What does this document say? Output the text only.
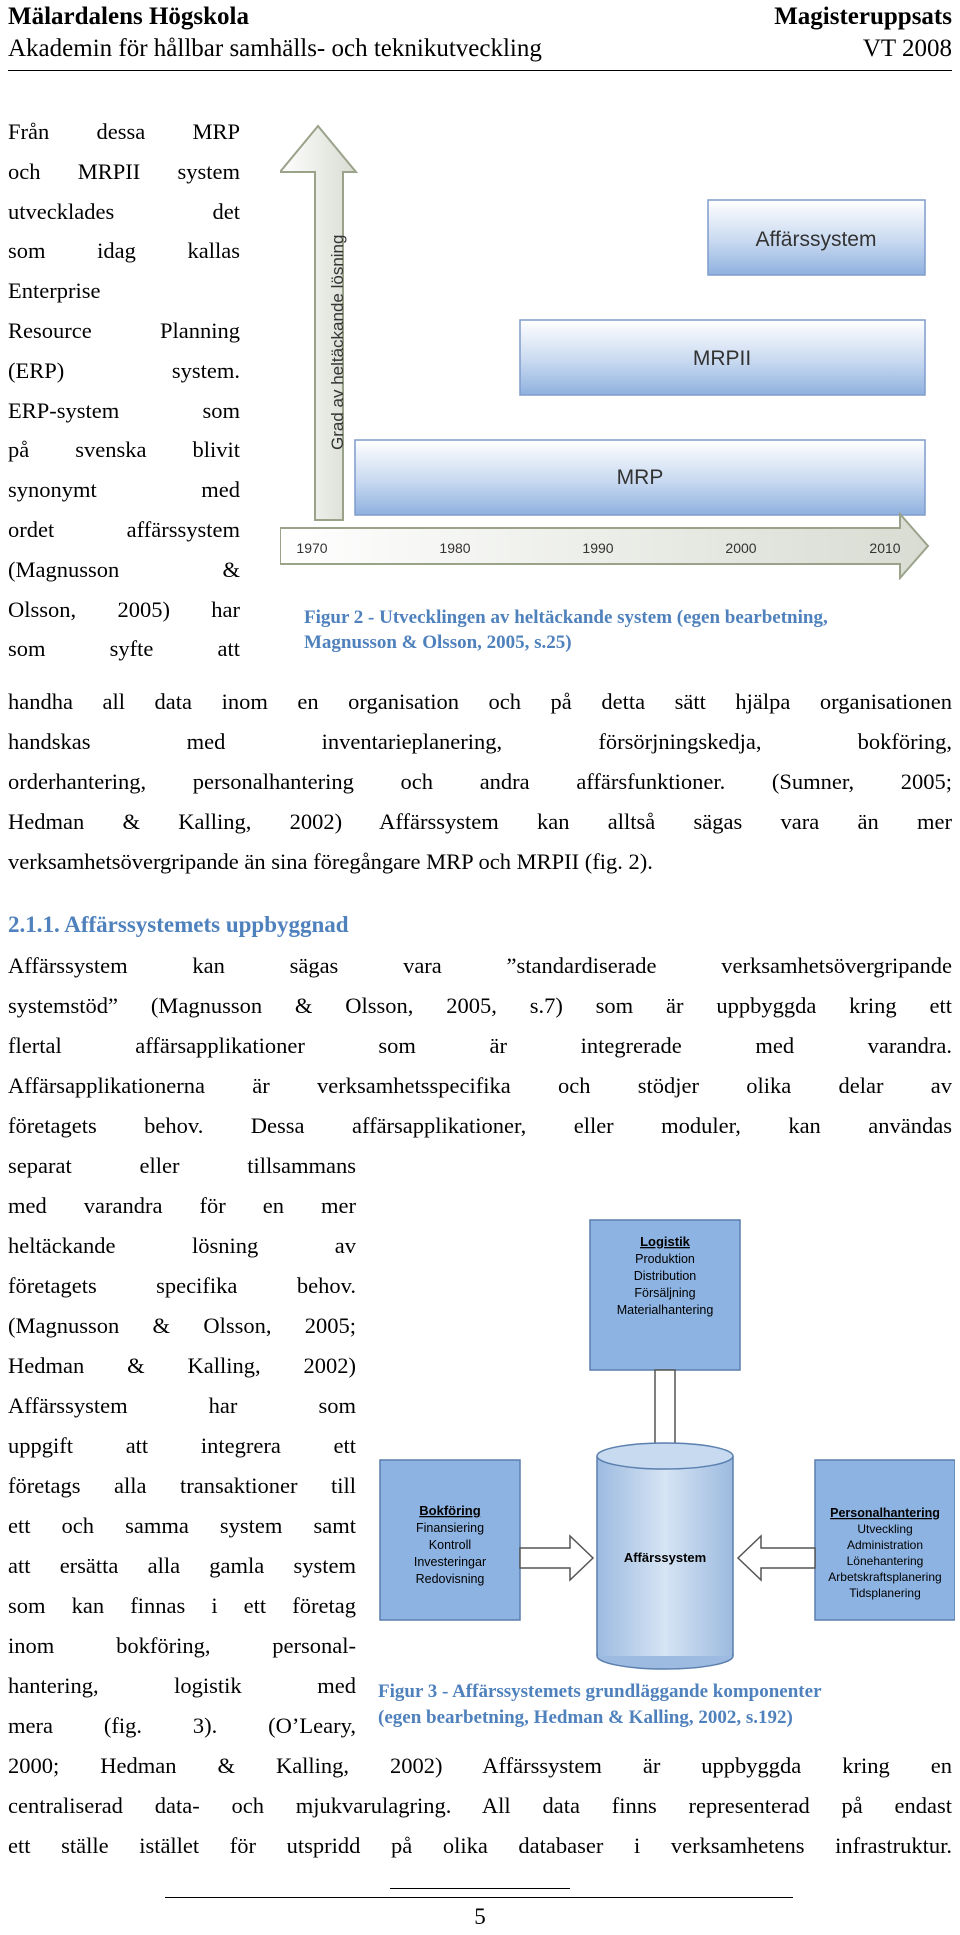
Mälardalens Högskola	Magisteruppsats
Akademin för hållbar samhälls- och teknikutveckling	VT 2008
Från dessa MRP
och MRPII system
utvecklades det
som idag kallas
Enterprise
Resource Planning
(ERP) system.
ERP-system som
på svenska blivit
synonymt med
ordet affärssystem
(Magnusson &
Olsson, 2005) har
som syfte att
handha all data inom en organisation och på detta sätt hjälpa organisationen
handskas med inventarieplanering, försörjningskedja, bokföring,
orderhantering, personalhantering och andra affärsfunktioner. (Sumner, 2005;
Hedman & Kalling, 2002) Affärssystem kan alltså sägas vara än mer
verksamhetsövergripande än sina föregångare MRP och MRPII (fig. 2).
Grad av heltäckande lösning	Affärssystem
MRPII
MRP
1970	1980	1990	2000	2010
Figur 2 - Utvecklingen av heltäckande system (egen bearbetning,
Magnusson & Olsson, 2005, s.25)
2.1.1. Affärssystemets uppbyggnad
Affärssystem kan sägas vara ”standardiserade verksamhetsövergripande
systemstöd” (Magnusson & Olsson, 2005, s.7) som är uppbyggda kring ett
flertal affärsapplikationer som är integrerade med varandra.
Affärsapplikationerna är verksamhetsspecifika och stödjer olika delar av
företagets behov. Dessa affärsapplikationer, eller moduler, kan användas
separat eller tillsammans
med varandra för en mer
heltäckande lösning av
företagets specifika behov.
(Magnusson & Olsson, 2005;
Hedman & Kalling, 2002)
Affärssystem har som
uppgift att integrera ett
företags alla transaktioner till
ett och samma system samt
att ersätta alla gamla system
som kan finnas i ett företag
inom bokföring, personal-
hantering, logistik med
mera (fig. 3). (O’Leary,
2000; Hedman & Kalling, 2002) Affärssystem är uppbyggda kring en
centraliserad data- och mjukvarulagring. All data finns representerad på endast
ett ställe istället för utspridd på olika databaser i verksamhetens infrastruktur.
Logistik
Produktion
Distribution
Försäljning
Materialhantering
Affärssystem
Bokföring
Finansiering
Kontroll
Investeringar
Redovisning
Personalhantering
Utveckling
Administration
Lönehantering
Arbetskraftsplanering
Tidsplanering
Figur 3 - Affärssystemets grundläggande komponenter
(egen bearbetning, Hedman & Kalling, 2002, s.192)
5
